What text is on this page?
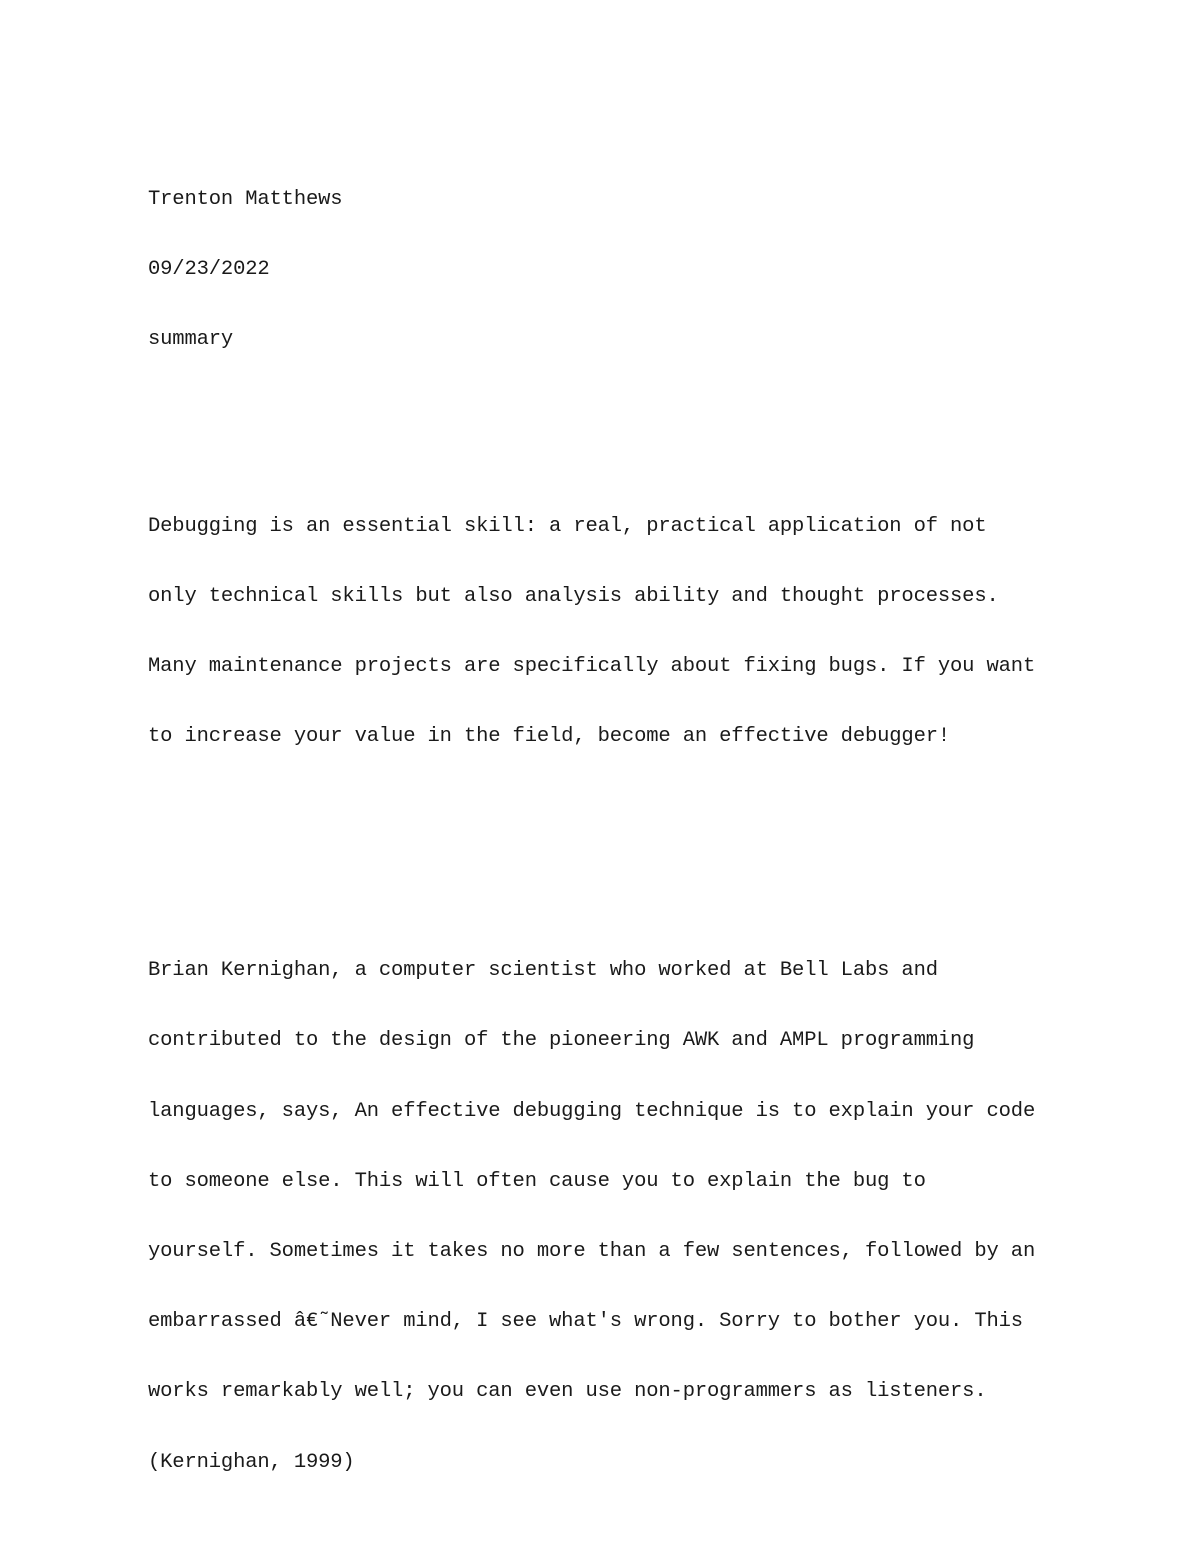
Trenton Matthews

09/23/2022

summary

Debugging is an essential skill: a real, practical application of not

only technical skills but also analysis ability and thought processes.

Many maintenance projects are specifically about fixing bugs. If you want

to increase your value in the field, become an effective debugger!

Brian Kernighan, a computer scientist who worked at Bell Labs and

contributed to the design of the pioneering AWK and AMPL programming

languages, says, An effective debugging technique is to explain your code

to someone else. This will often cause you to explain the bug to

yourself. Sometimes it takes no more than a few sentences, followed by an

embarrassed â€˜Never mind, I see what's wrong. Sorry to bother you. This

works remarkably well; you can even use non-programmers as listeners.

(Kernighan, 1999)
